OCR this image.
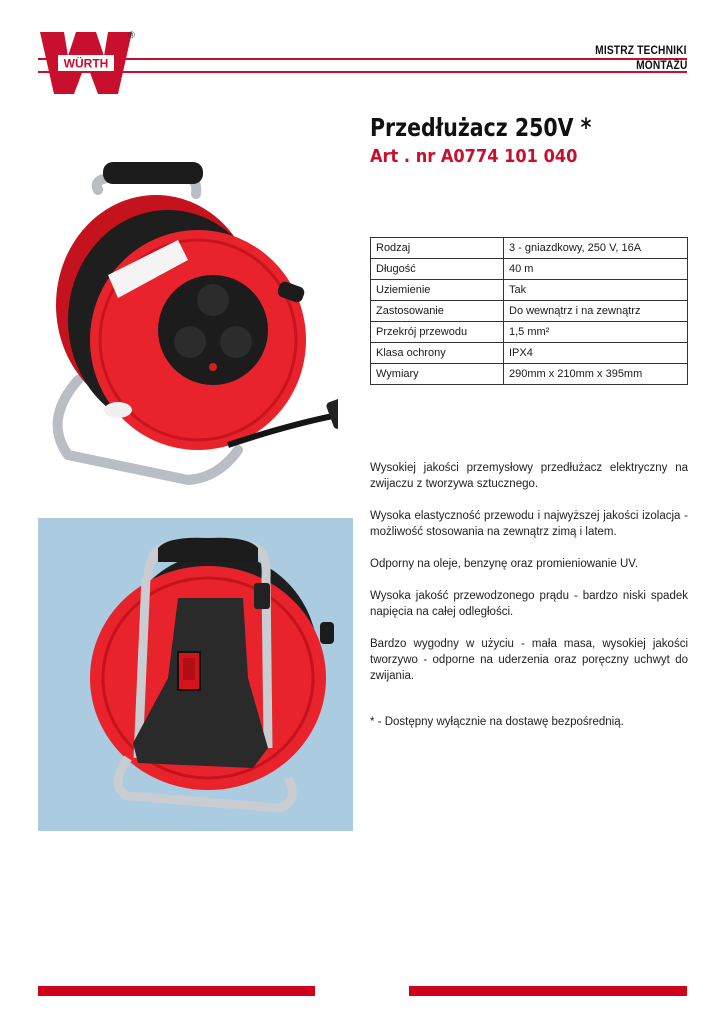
WÜRTH
®
MISTRZ TECHNIKI
MONTAŻU
Przedłużacz 250V *
Art . nr A0774 101 040
Rodzaj	3 - gniazdkowy, 250 V, 16A
Długość	40 m
Uziemienie	Tak
Zastosowanie	Do wewnątrz i na zewnątrz
Przekrój przewodu	1,5 mm²
Klasa ochrony	IPX4
Wymiary	290mm x 210mm x 395mm

Wysokiej jakości przemysłowy przedłużacz elektryczny na zwijaczu z tworzywa sztucznego.

Wysoka elastyczność przewodu i najwyższej jakości izolacja - możliwość stosowania na zewnątrz zimą i latem.

Odporny na oleje, benzynę oraz promieniowanie UV.

Wysoka jakość przewodzonego prądu - bardzo niski spadek napięcia na całej odległości.

Bardzo wygodny w użyciu - mała masa, wysokiej jakości tworzywo - odporne na uderzenia oraz poręczny uchwyt do zwijania.

* - Dostępny wyłącznie na dostawę bezpośrednią.
